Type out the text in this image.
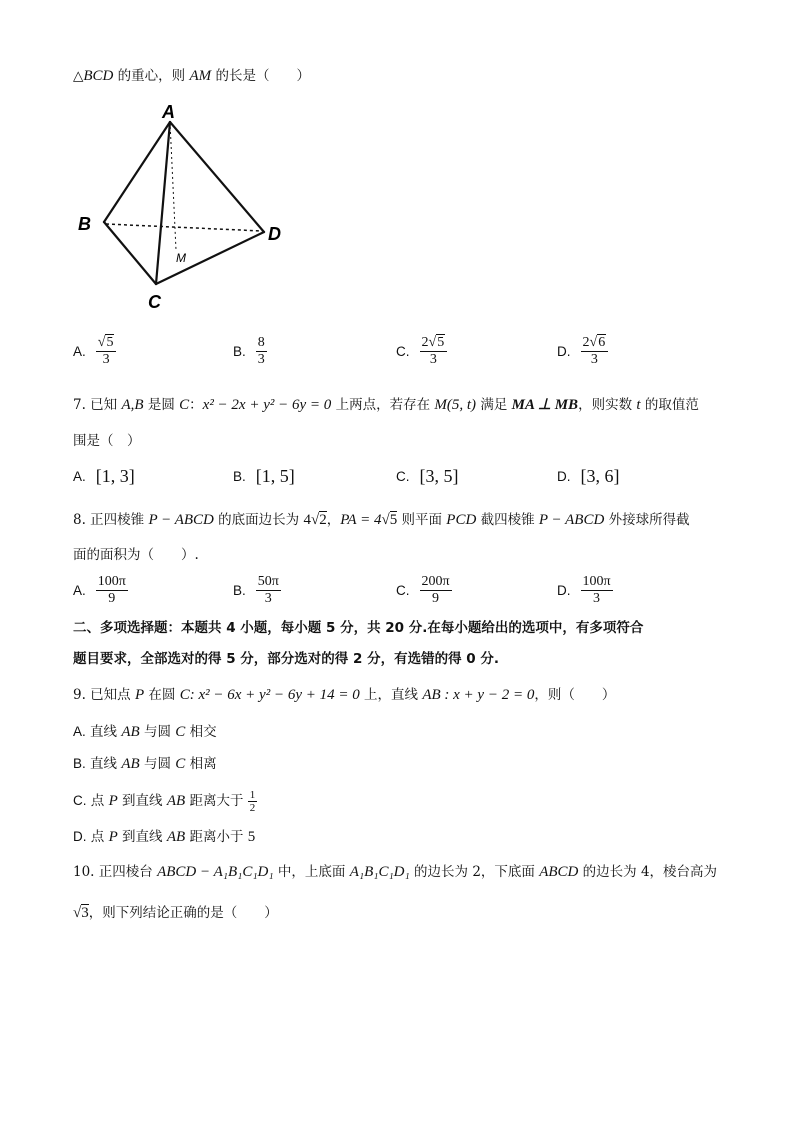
△BCD 的重心，则 AM 的长是（　　）
A
B	D
C
M
A. $\frac{√5}{3}$	B. $\frac{8}{3}$	C. $\frac{2√5}{3}$	D. $\frac{2√6}{3}$
7. 已知 A,B 是圆 C：x² − 2x + y² − 6y = 0 上两点，若存在 M(5, t) 满足 MA ⊥ MB，则实数 t 的取值范
围是（　）
A. [1, 3]	B. [1, 5]	C. [3, 5]	D. [3, 6]
8. 正四棱锥 P − ABCD 的底面边长为 4√2，PA = 4√5 则平面 PCD 截四棱锥 P − ABCD 外接球所得截
面的面积为（　　）.
A. $\frac{100\pi}{9}$	B. $\frac{50\pi}{3}$	C. $\frac{200\pi}{9}$	D. $\frac{100\pi}{3}$
二、多项选择题：本题共 4 小题，每小题 5 分，共 20 分.在每小题给出的选项中，有多项符合
题目要求，全部选对的得 5 分，部分选对的得 2 分，有选错的得 0 分.
9. 已知点 P 在圆 C: x² − 6x + y² − 6y + 14 = 0 上，直线 AB : x + y − 2 = 0，则（　　）
A. 直线 AB 与圆 C 相交
B. 直线 AB 与圆 C 相离
C. 点 P 到直线 AB 距离大于 $\frac{1}{2}$
D. 点 P 到直线 AB 距离小于 5
10. 正四棱台 ABCD − A₁B₁C₁D₁ 中，上底面 A₁B₁C₁D₁ 的边长为 2，下底面 ABCD 的边长为 4，棱台高为
√3，则下列结论正确的是（　　）
